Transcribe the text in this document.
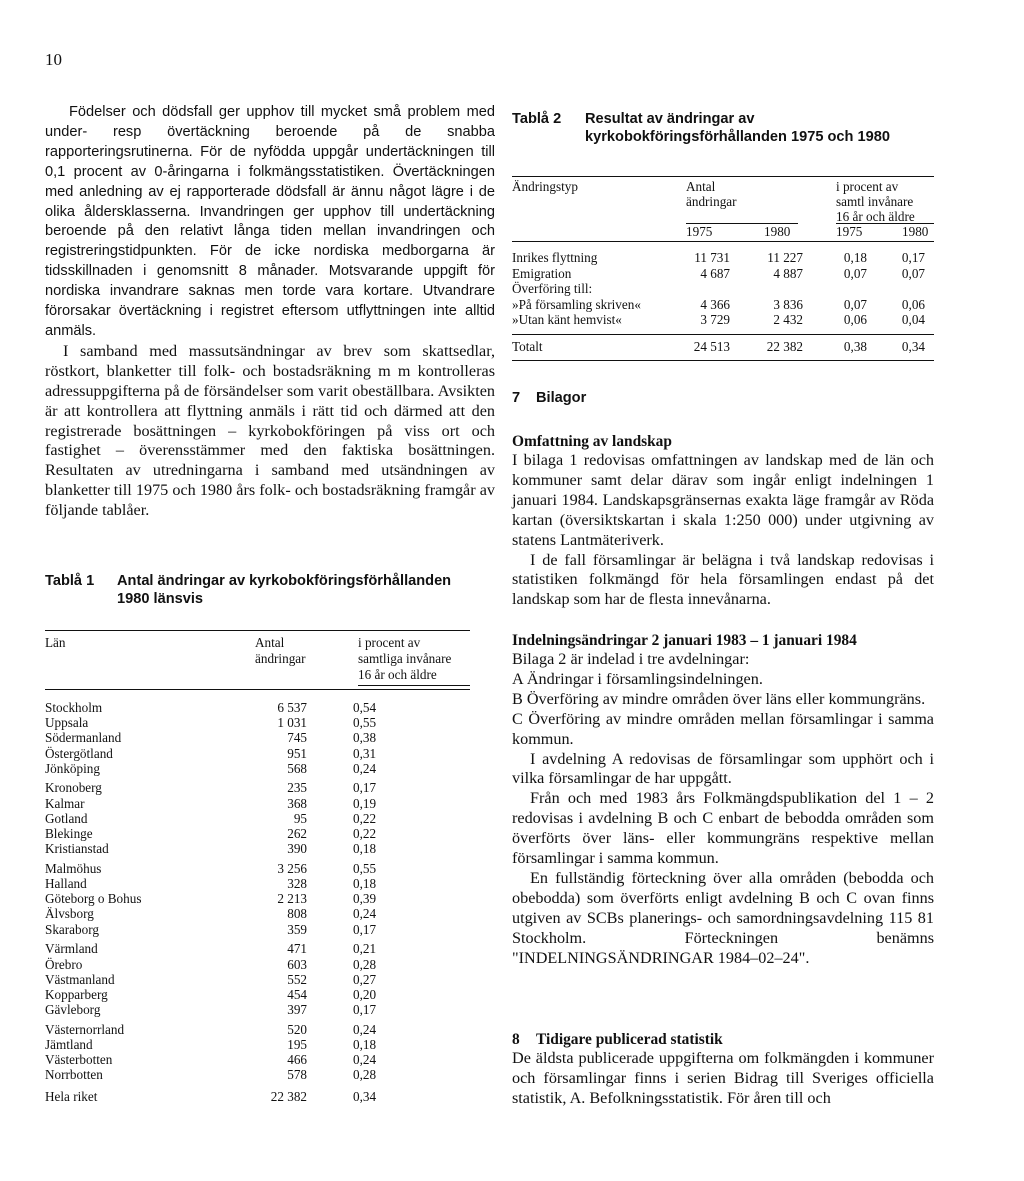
10

Födelser och dödsfall ger upphov till mycket små problem med under- resp övertäckning beroende på de snabba rapporteringsrutinerna. För de nyfödda uppgår undertäckningen till 0,1 procent av 0-åringarna i folkmängsstatistiken. Övertäckningen med anledning av ej rapporterade dödsfall är ännu något lägre i de olika åldersklasserna. Invandringen ger upphov till undertäckning beroende på den relativt långa tiden mellan invandringen och registreringstidpunkten. För de icke nordiska medborgarna är tidsskillnaden i genomsnitt 8 månader. Motsvarande uppgift för nordiska invandrare saknas men torde vara kortare. Utvandrare förorsakar övertäckning i registret eftersom utflyttningen inte alltid anmäls.

I samband med massutsändningar av brev som skattsedlar, röstkort, blanketter till folk- och bostadsräkning m m kontrolleras adressuppgifterna på de försändelser som varit obeställbara. Avsikten är att kontrollera att flyttning anmäls i rätt tid och därmed att den registrerade bosättningen – kyrkobokföringen på viss ort och fastighet – överensstämmer med den faktiska bosättningen. Resultaten av utredningarna i samband med utsändningen av blanketter till 1975 och 1980 års folk- och bostadsräkning framgår av följande tablåer.

Tablå 1	Antal ändringar av kyrkobokföringsförhållanden 1980 länsvis
Län	Antal
ändringar
i procent av
samtliga invånare
16 år och äldre
Stockholm	6 537	0,54
Uppsala	1 031	0,55
Södermanland	745	0,38
Östergötland	951	0,31
Jönköping	568	0,24
Kronoberg	235	0,17
Kalmar	368	0,19
Gotland	95	0,22
Blekinge	262	0,22
Kristianstad	390	0,18
Malmöhus	3 256	0,55
Halland	328	0,18
Göteborg o Bohus	2 213	0,39
Älvsborg	808	0,24
Skaraborg	359	0,17
Värmland	471	0,21
Örebro	603	0,28
Västmanland	552	0,27
Kopparberg	454	0,20
Gävleborg	397	0,17
Västernorrland	520	0,24
Jämtland	195	0,18
Västerbotten	466	0,24
Norrbotten	578	0,28
Hela riket	22 382	0,34
Tablå 2	Resultat av ändringar av kyrkobokföringsförhållanden 1975 och 1980
Ändringstyp	Antal
ändringar
i procent av
samtl invånare
16 år och äldre
1975	1980	1975	1980
Inrikes flyttning	11 731	11 227	0,18	0,17
Emigration	4 687	4 887	0,07	0,07
Överföring till:
»På församling skriven«	4 366	3 836	0,07	0,06
»Utan känt hemvist«	3 729	2 432	0,06	0,04
Totalt	24 513	22 382	0,38	0,34
7	Bilagor
Omfattning av landskap

I bilaga 1 redovisas omfattningen av landskap med de län och kommuner samt delar därav som ingår enligt indelningen 1 januari 1984. Landskapsgränsernas exakta läge framgår av Röda kartan (översiktskartan i skala 1:250 000) under utgivning av statens Lantmäteriverk.

I de fall församlingar är belägna i två landskap redovisas i statistiken folkmängd för hela församlingen endast på det landskap som har de flesta innevånarna.

Indelningsändringar 2 januari 1983 – 1 januari 1984

Bilaga 2 är indelad i tre avdelningar:

A Ändringar i församlingsindelningen.

B Överföring av mindre områden över läns eller kommungräns.

C Överföring av mindre områden mellan församlingar i samma kommun.

I avdelning A redovisas de församlingar som upphört och i vilka församlingar de har uppgått.

Från och med 1983 års Folkmängdspublikation del 1 – 2 redovisas i avdelning B och C enbart de bebodda områden som överförts över läns- eller kommungräns respektive mellan församlingar i samma kommun.

En fullständig förteckning över alla områden (bebodda och obebodda) som överförts enligt avdelning B och C ovan finns utgiven av SCBs planerings- och samordningsavdelning 115 81 Stockholm. Förteckningen benämns "INDELNINGSÄNDRINGAR 1984–02–24".

8	Tidigare publicerad statistik

De äldsta publicerade uppgifterna om folkmängden i kommuner och församlingar finns i serien Bidrag till Sveriges officiella statistik, A. Befolkningsstatistik. För åren till och
